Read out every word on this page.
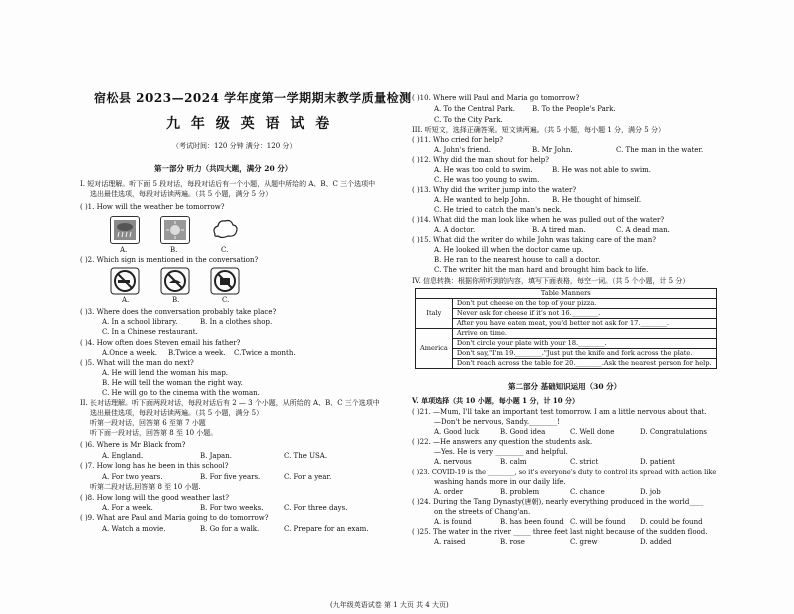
宿松县 2023—2024 学年度第一学期期末教学质量检测
九 年 级 英 语 试 卷
（考试时间：120 分钟 满分：120 分）
第一部分 听力（共四大题，满分 20 分）
I. 短对话理解。听下面 5 段对话，每段对话后有一个小题，从题中所给的 A、B、C 三个选项中
选出最佳选项，每段对话读两遍。（共 5 小题，满分 5 分）
( )1. How will the weather be tomorrow?
A.	B.	C.
( )2. Which sign is mentioned in the conversation?
A.	B.	C.
( )3. Where does the conversation probably take place?
A. In a school library.	B. In a clothes shop.
C. In a Chinese restaurant.
( )4. How often does Steven email his father?
A.Once a week. B.Twice a week. C.Twice a month.
( )5. What will the man do next?
A. He will lend the woman his map.
B. He will tell the woman the right way.
C. He will go to the cinema with the woman.
II. 长对话理解。听下面两段对话，每段对话后有 2 — 3 个小题，从所给的 A、B、C 三个选项中
选出最佳选项，每段对话读两遍。（共 5 小题，满分 5）
听第一段对话，回答第 6 至第 7 小题
听下面一段对话，回答第 8 至 10 小题。
( )6. Where is Mr Black from?
A. England.	B. Japan.	C. The USA.
( )7. How long has he been in this school?
A. For two years.	B. For five years.	C. For a year.
听第二段对话,回答第 8 至 10 小题.
( )8. How long will the good weather last?
A. For a week.	B. For two weeks.	C. For three days.
( )9. What are Paul and Maria going to do tomorrow?
A. Watch a movie.	B. Go for a walk.	C. Prepare for an exam.
( )10. Where will Paul and Maria go tomorrow?
A. To the Central Park. B. To the People's Park.
C. To the City Park.
III. 听短文，选择正确答案。短文读两遍。（共 5 小题，每小题 1 分，满分 5 分）
( )11. Who cried for help?
A. John's friend.	B. Mr John.	C. The man in the water.
( )12. Why did the man shout for help?
A. He was too cold to swim.	B. He was not able to swim.
C. He was too young to swim.
( )13. Why did the writer jump into the water?
A. He wanted to help John.	B. He thought of himself.
C. He tried to catch the man's neck.
( )14. What did the man look like when he was pulled out of the water?
A. A doctor.	B. A tired man.	C. A dead man.
( )15. What did the writer do while John was taking care of the man?
A. He looked ill when the doctor came up.
B. He ran to the nearest house to call a doctor.
C. The writer hit the man hard and brought him back to life.
IV. 信息转换：根据你所听到的内容，填写下面表格，每空一词。（共 5 个小题，计 5 分）
Table Manners	
Italy	Don't put cheese on the top of your pizza.
	Never ask for cheese if it's not 16.________.
	After you have eaten meat, you'd better not ask for 17.________.
America	Arrive on time.
	Don't circle your plate with your 18.________.
	Don't say,"I'm 19.________."Just put the knife and fork across the plate.
	Don't reach across the table for 20.________.Ask the nearest person for help.
第二部分 基础知识运用（30 分）
V. 单项选择（共 10 小题，每小题 1 分，计 10 分）
( )21. —Mum, I'll take an important test tomorrow. I am a little nervous about that.
—Don't be nervous, Sandy.________!
A. Good luck	B. Good idea	C. Well done	D. Congratulations
( )22. —He answers any question the students ask.
—Yes. He is very ________ and helpful.
A. nervous	B. calm	C. strict	D. patient
( )23. COVID-19 is the ________, so it's everyone's duty to control its spread with action like
washing hands more in our daily life.
A. order	B. problem	C. chance	D. job
( )24. During the Tang Dynasty(唐朝), nearly everything produced in the world____
on the streets of Chang'an.
A. is found	B. has been found C. will be found D. could be found
( )25. The water in the river _____ three feet last night because of the sudden flood.
A. raised	B. rose	C. grew	D. added
(九年级英语试卷 第 1 大页 共 4 大页)
